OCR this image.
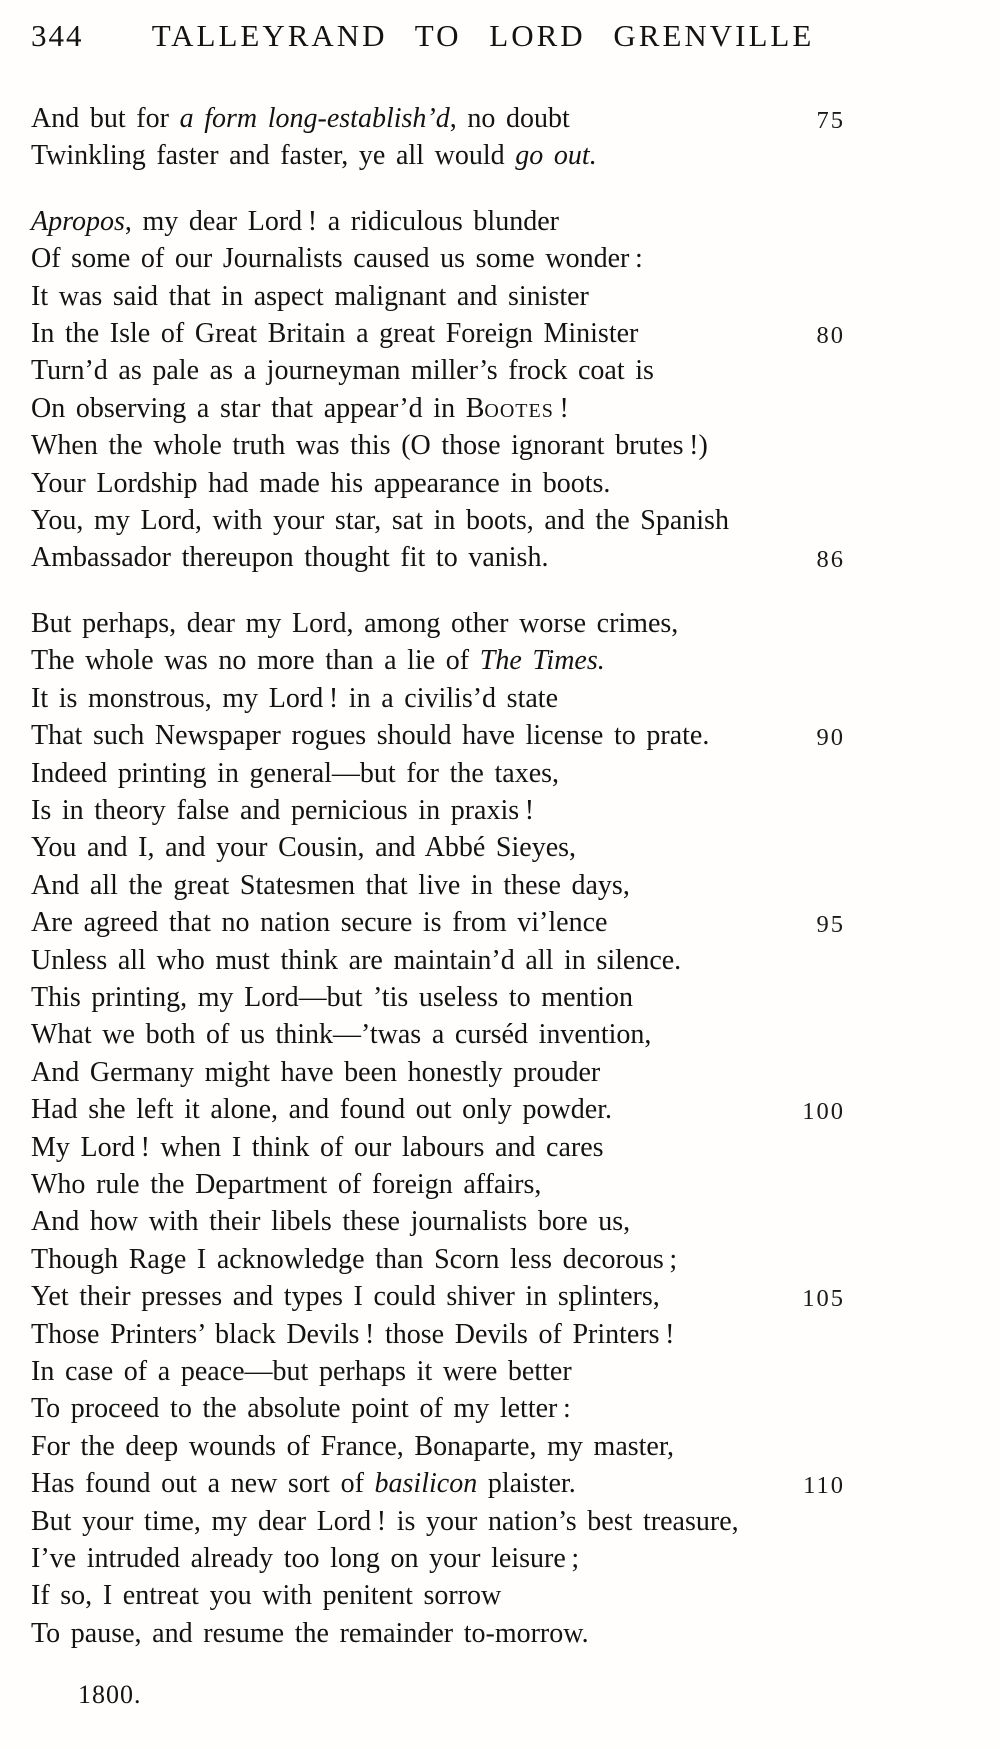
344	TALLEYRAND TO LORD GRENVILLE
And but for a form long-establish’d, no doubt	75
Twinkling faster and faster, ye all would go out.
Apropos, my dear Lord ! a ridiculous blunder
Of some of our Journalists caused us some wonder :
It was said that in aspect malignant and sinister
In the Isle of Great Britain a great Foreign Minister	80
Turn’d as pale as a journeyman miller’s frock coat is
On observing a star that appear’d in Bootes !
When the whole truth was this (O those ignorant brutes !)
Your Lordship had made his appearance in boots.
You, my Lord, with your star, sat in boots, and the Spanish
Ambassador thereupon thought fit to vanish.	86
But perhaps, dear my Lord, among other worse crimes,
The whole was no more than a lie of The Times.
It is monstrous, my Lord ! in a civilis’d state
That such Newspaper rogues should have license to prate.	90
Indeed printing in general—but for the taxes,
Is in theory false and pernicious in praxis !
You and I, and your Cousin, and Abbé Sieyes,
And all the great Statesmen that live in these days,
Are agreed that no nation secure is from vi’lence	95
Unless all who must think are maintain’d all in silence.
This printing, my Lord—but ’tis useless to mention
What we both of us think—’twas a curséd invention,
And Germany might have been honestly prouder
Had she left it alone, and found out only powder.	100
My Lord ! when I think of our labours and cares
Who rule the Department of foreign affairs,
And how with their libels these journalists bore us,
Though Rage I acknowledge than Scorn less decorous ;
Yet their presses and types I could shiver in splinters,	105
Those Printers’ black Devils ! those Devils of Printers !
In case of a peace—but perhaps it were better
To proceed to the absolute point of my letter :
For the deep wounds of France, Bonaparte, my master,
Has found out a new sort of basilicon plaister.	110
But your time, my dear Lord ! is your nation’s best treasure,
I’ve intruded already too long on your leisure ;
If so, I entreat you with penitent sorrow
To pause, and resume the remainder to-morrow.
1800.
